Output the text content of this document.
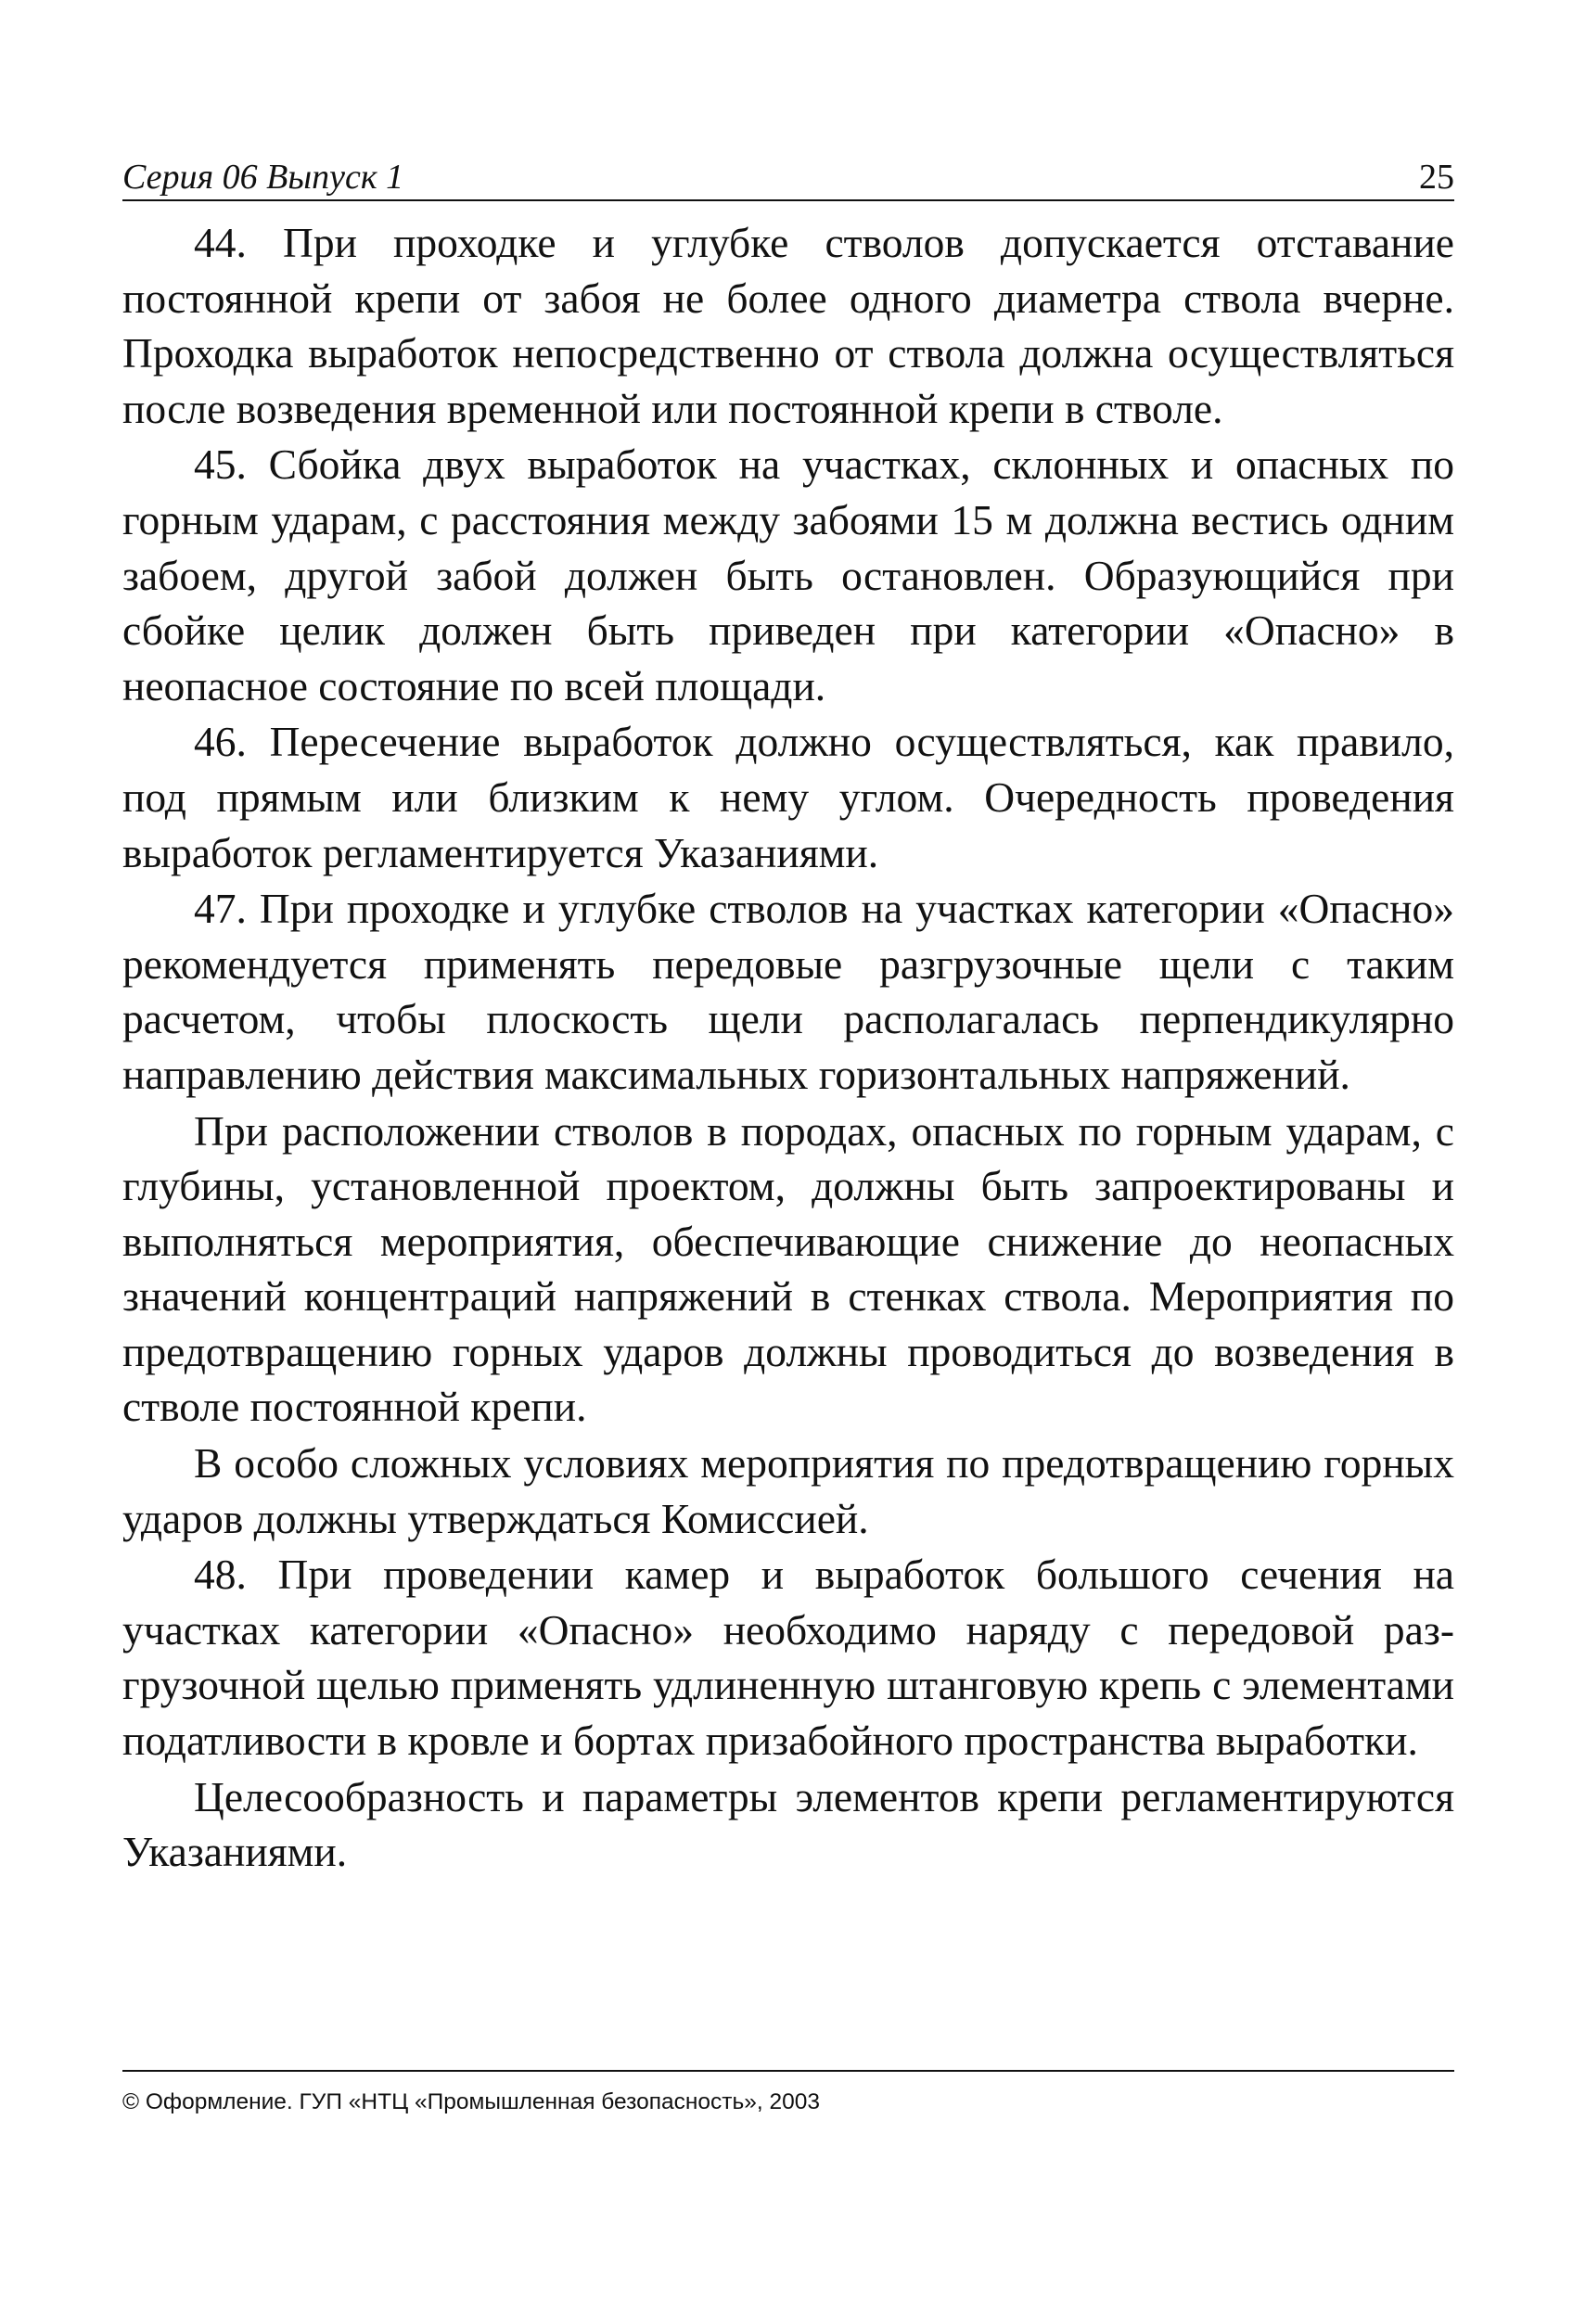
Серия 06 Выпуск 1	25

44. При проходке и углубке стволов допускается отставание постоянной крепи от забоя не более одного диаметра ствола вчерне. Проходка выработок непосредственно от ствола должна осуществляться после возведения временной или постоянной крепи в стволе.

45. Сбойка двух выработок на участках, склонных и опасных по горным ударам, с расстояния между забоями 15 м должна вестись одним забоем, другой забой должен быть остановлен. Образующийся при сбойке целик должен быть приведен при категории «Опасно» в неопасное состояние по всей площади.

46. Пересечение выработок должно осуществляться, как правило, под прямым или близким к нему углом. Очередность проведения выработок регламентируется Указаниями.

47. При проходке и углубке стволов на участках категории «Опасно» рекомендуется применять передовые разгрузочные щели с таким расчетом, чтобы плоскость щели располагалась перпендикулярно направлению действия максимальных горизонтальных напряжений.

При расположении стволов в породах, опасных по горным ударам, с глубины, установленной проектом, должны быть запроектированы и выполняться мероприятия, обеспечивающие снижение до неопасных значений концентраций напряжений в стенках ствола. Мероприятия по предотвращению горных ударов должны проводиться до возведения в стволе постоянной крепи.

В особо сложных условиях мероприятия по предотвращению горных ударов должны утверждаться Комиссией.

48. При проведении камер и выработок большого сечения на участках категории «Опасно» необходимо наряду с передовой разгрузочной щелью применять удлиненную штанговую крепь с элементами податливости в кровле и бортах призабойного пространства выработки.

Целесообразность и параметры элементов крепи регламентируются Указаниями.

© Оформление. ГУП «НТЦ «Промышленная безопасность», 2003
